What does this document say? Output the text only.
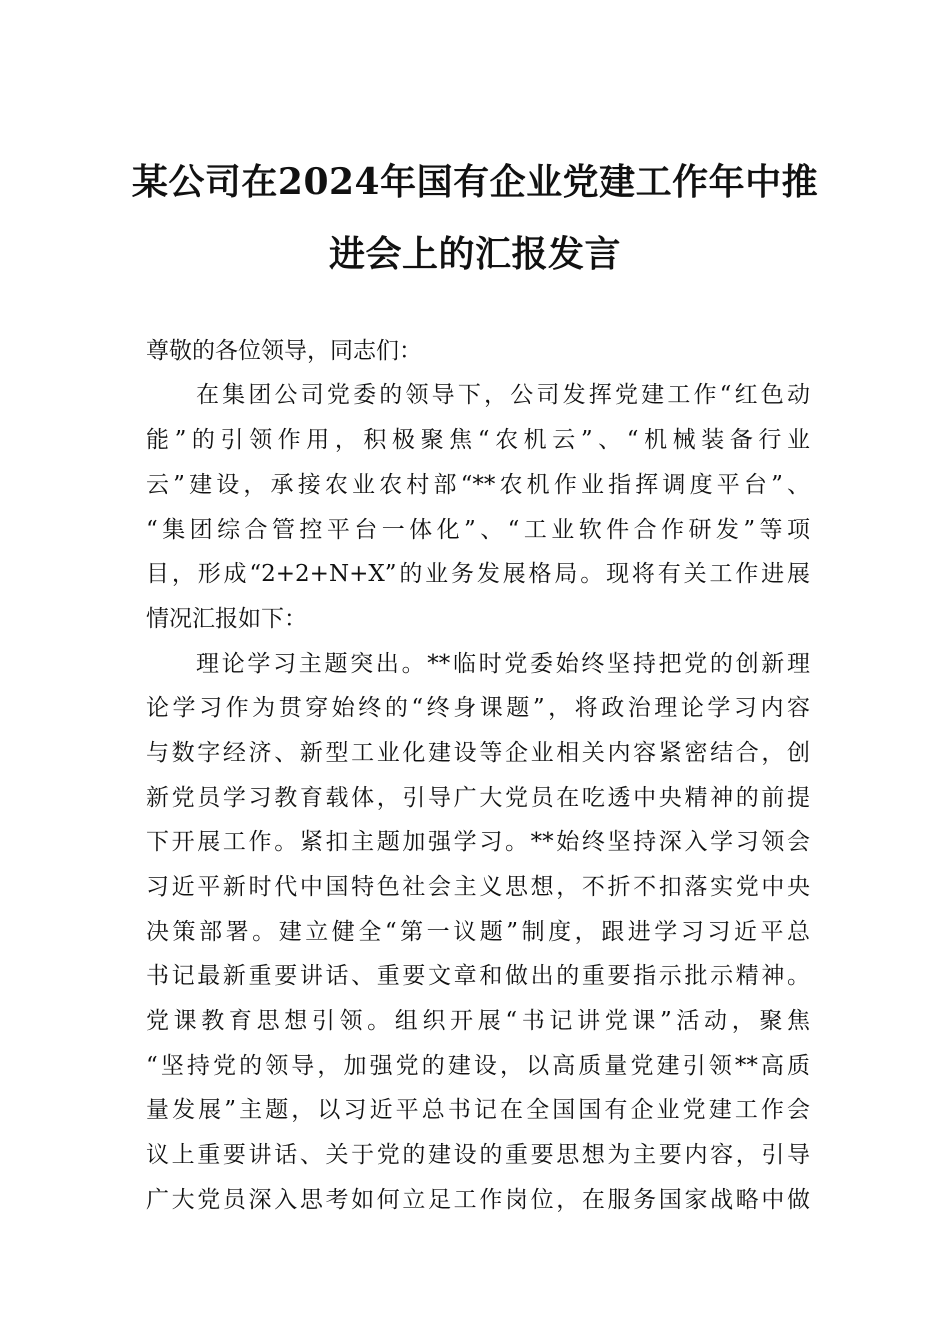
某公司在2024年国有企业党建工作年中推
进会上的汇报发言
尊敬的各位领导，同志们：
在集团公司党委的领导下，公司发挥党建工作“红色动
能”的引领作用，积极聚焦“农机云”、“机械装备行业
云”建设，承接农业农村部“**农机作业指挥调度平台”、
“集团综合管控平台一体化”、“工业软件合作研发”等项
目，形成“2+2+N+X”的业务发展格局。现将有关工作进展
情况汇报如下：
理论学习主题突出。**临时党委始终坚持把党的创新理
论学习作为贯穿始终的“终身课题”，将政治理论学习内容
与数字经济、新型工业化建设等企业相关内容紧密结合，创
新党员学习教育载体，引导广大党员在吃透中央精神的前提
下开展工作。紧扣主题加强学习。**始终坚持深入学习领会
习近平新时代中国特色社会主义思想，不折不扣落实党中央
决策部署。建立健全“第一议题”制度，跟进学习习近平总
书记最新重要讲话、重要文章和做出的重要指示批示精神。
党课教育思想引领。组织开展“书记讲党课”活动，聚焦
“坚持党的领导，加强党的建设，以高质量党建引领**高质
量发展”主题，以习近平总书记在全国国有企业党建工作会
议上重要讲话、关于党的建设的重要思想为主要内容，引导
广大党员深入思考如何立足工作岗位，在服务国家战略中做
